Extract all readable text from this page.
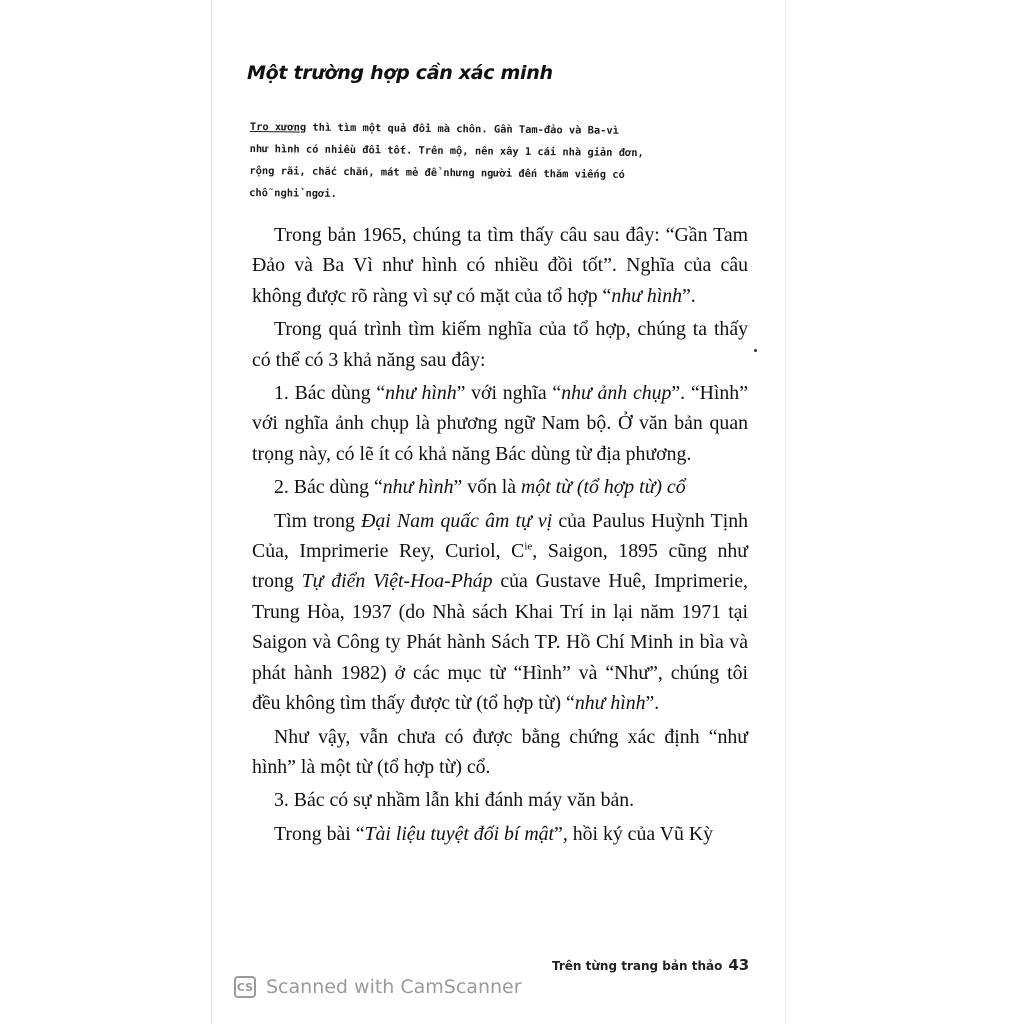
Một trường hợp cần xác minh
Tro xương thì tìm một quả đồi mà chôn. Gần Tam-đảo và Ba-vì
như hình có nhiều đồi tốt. Trên mộ, nên xây 1 cái nhà giản đơn,
rộng rãi, chắc chắn, mát mẻ để nhưng người đến thăm viếng có
chỗ nghỉ ngơi.

Trong bản 1965, chúng ta tìm thấy câu sau đây: “Gần Tam Đảo và Ba Vì như hình có nhiều đồi tốt”. Nghĩa của câu không được rõ ràng vì sự có mặt của tổ hợp “như hình”.

Trong quá trình tìm kiếm nghĩa của tổ hợp, chúng ta thấy có thể có 3 khả năng sau đây:

1. Bác dùng “như hình” với nghĩa “như ảnh chụp”. “Hình” với nghĩa ảnh chụp là phương ngữ Nam bộ. Ở văn bản quan trọng này, có lẽ ít có khả năng Bác dùng từ địa phương.

2. Bác dùng “như hình” vốn là một từ (tổ hợp từ) cổ

Tìm trong Đại Nam quấc âm tự vị của Paulus Huỳnh Tịnh Của, Imprimerie Rey, Curiol, $C^{ie}$, Saigon, 1895 cũng như trong Tự điển Việt-Hoa-Pháp của Gustave Huê, Imprimerie, Trung Hòa, 1937 (do Nhà sách Khai Trí in lại năm 1971 tại Saigon và Công ty Phát hành Sách TP. Hồ Chí Minh in bìa và phát hành 1982) ở các mục từ “Hình” và “Như”, chúng tôi đều không tìm thấy được từ (tổ hợp từ) “như hình”.

Như vậy, vẫn chưa có được bằng chứng xác định “như hình” là một từ (tổ hợp từ) cổ.

3. Bác có sự nhầm lẫn khi đánh máy văn bản.

Trong bài “Tài liệu tuyệt đối bí mật”, hồi ký của Vũ Kỳ

Trên từng trang bản thảo 43
CS Scanned with CamScanner
